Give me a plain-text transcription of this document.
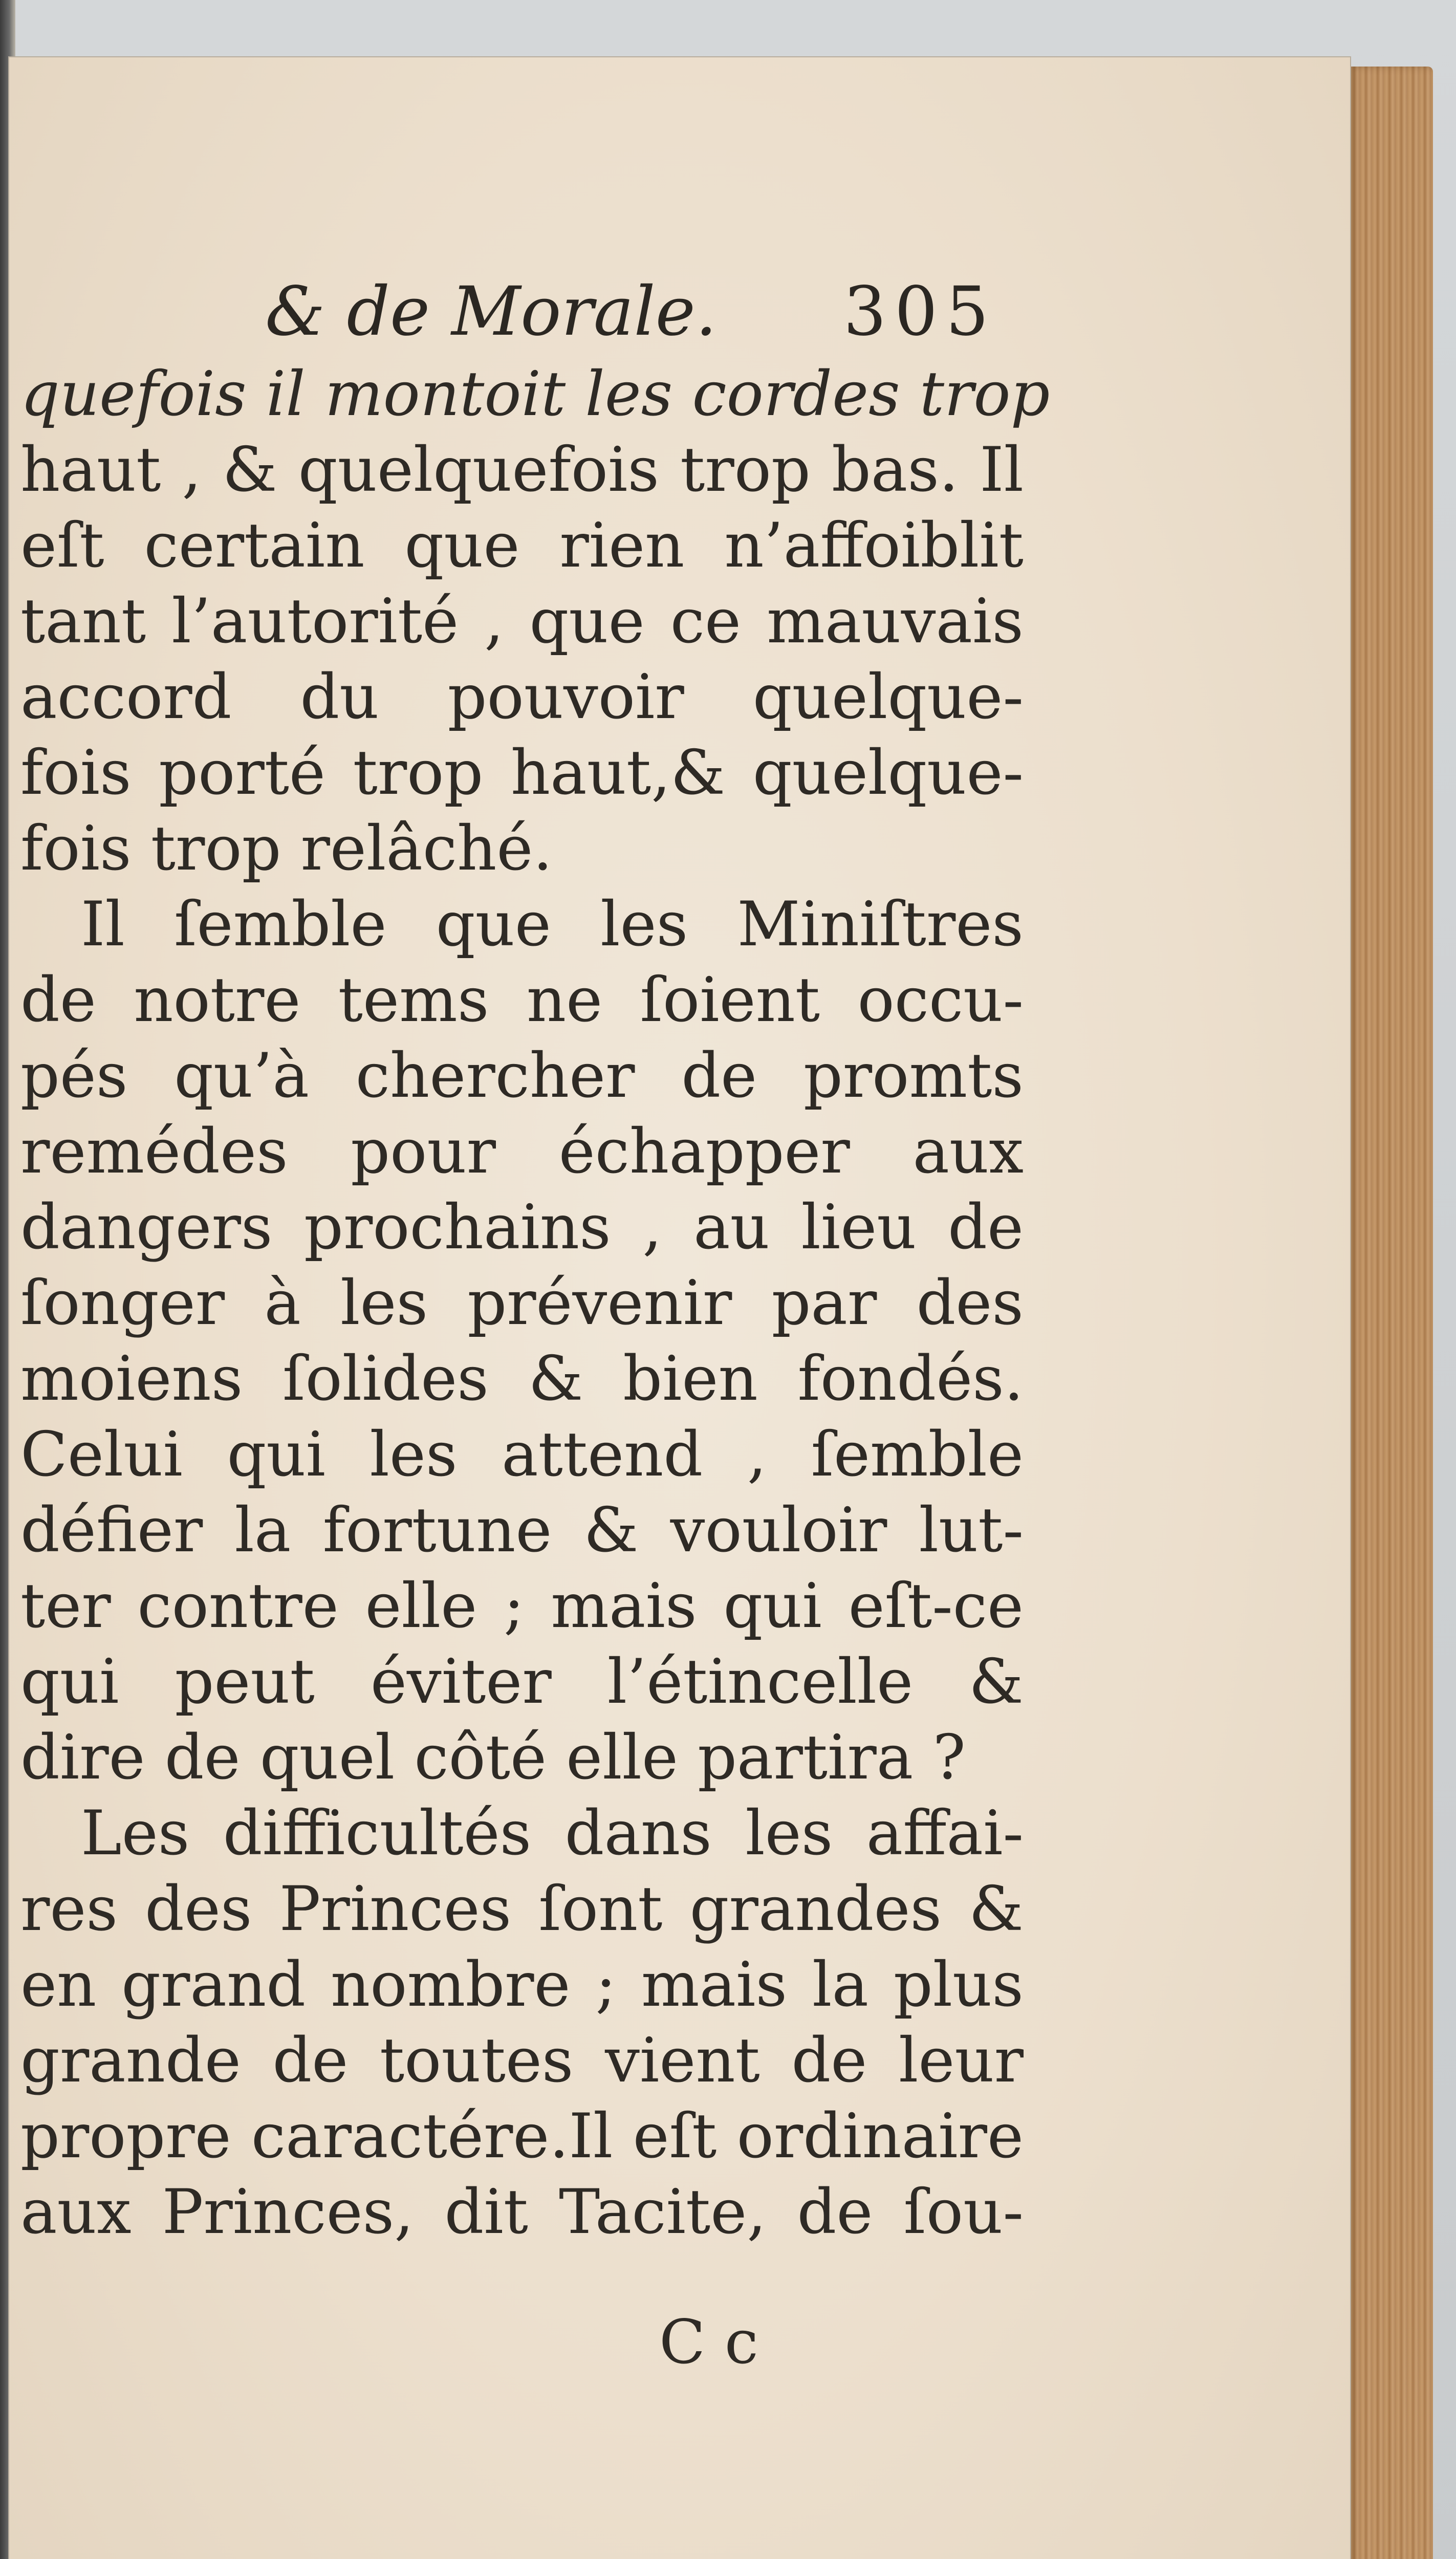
& de Morale. 305
quefois il montoit les cordes trop
haut , & quelquefois trop bas. Il
eſt certain que rien n’affoiblit
tant l’autorité , que ce mauvais
accord du pouvoir quelque-
fois porté trop haut,& quelque-
fois trop relâché.
Il ſemble que les Miniſtres
de notre tems ne ſoient occu-
pés qu’à chercher de promts
remédes pour échapper aux
dangers prochains , au lieu de
ſonger à les prévenir par des
moiens ſolides & bien fondés.
Celui qui les attend , ſemble
défier la fortune & vouloir lut-
ter contre elle ; mais qui eſt-ce
qui peut éviter l’étincelle &
dire de quel côté elle partira ?
Les difficultés dans les affai-
res des Princes ſont grandes &
en grand nombre ; mais la plus
grande de toutes vient de leur
propre caractére.Il eſt ordinaire
aux Princes, dit Tacite, de ſou-
C c
